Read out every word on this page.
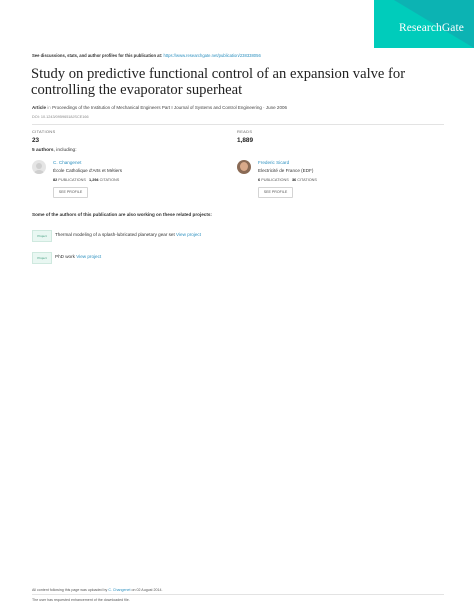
ResearchGate
See discussions, stats, and author profiles for this publication at: https://www.researchgate.net/publication/238338056
Study on predictive functional control of an expansion valve for controlling the evaporator superheat
Article in Proceedings of the Institution of Mechanical Engineers Part I Journal of Systems and Control Engineering · June 2006
DOI: 10.1243/09596518JSCE166
CITATIONS
23
READS
1,889
5 authors, including:
C. Changenet
École Catholique d'Arts et Métiers
82 PUBLICATIONS 1,294 CITATIONS
SEE PROFILE
Frederic Sicard
Electricité de France (EDF)
6 PUBLICATIONS 36 CITATIONS
SEE PROFILE
Some of the authors of this publication are also working on these related projects:
Project	Thermal modeling of a splash-lubricated planetary gear set View project
Project	PhD work View project
All content following this page was uploaded by C. Changenet on 02 August 2014.
The user has requested enhancement of the downloaded file.
